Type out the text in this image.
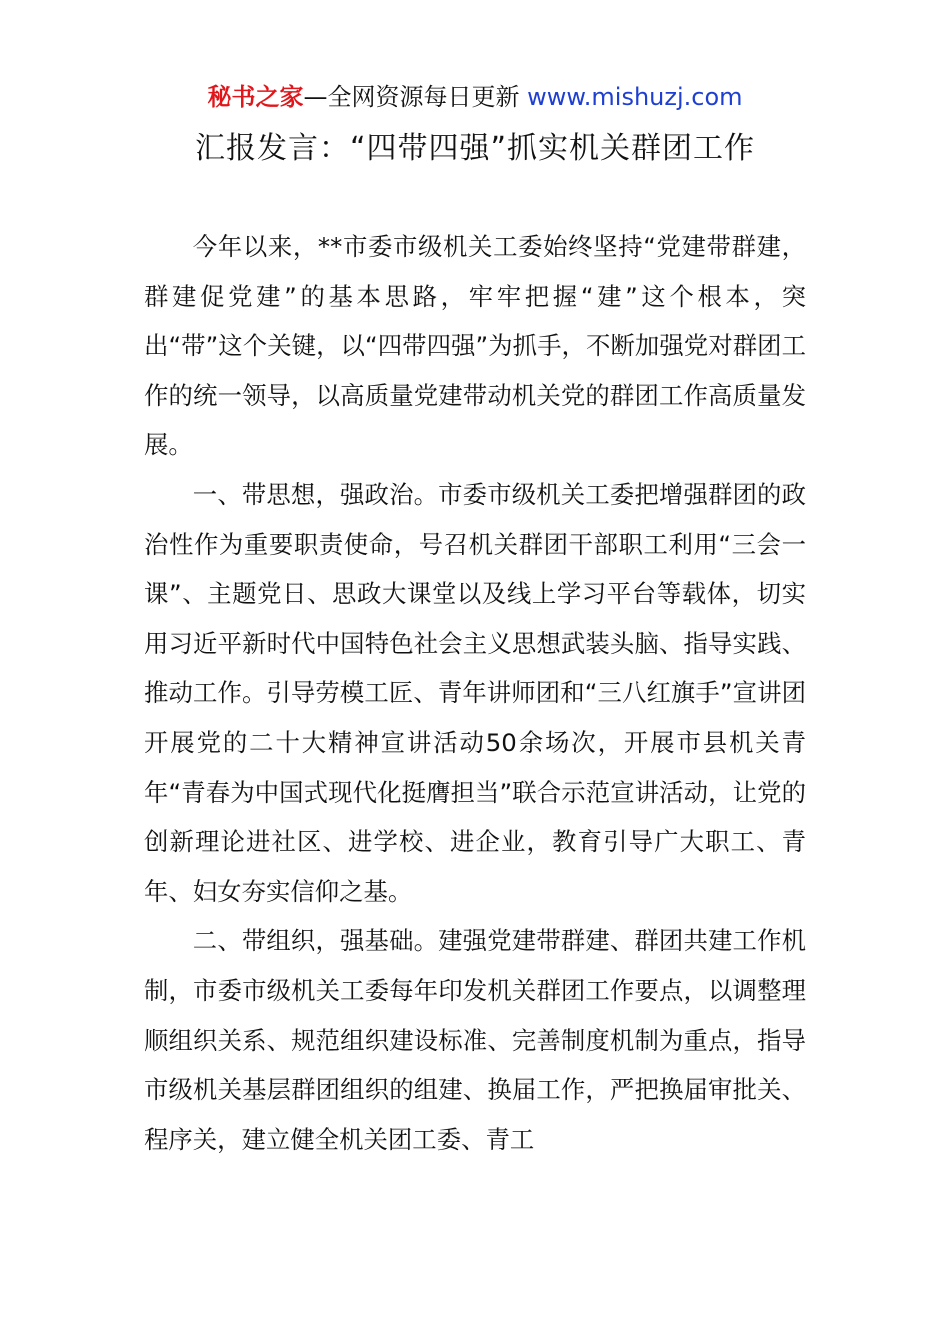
秘书之家—全网资源每日更新 www.mishuzj.com
汇报发言：“四带四强”抓实机关群团工作

今年以来，**市委市级机关工委始终坚持“党建带群建，群建促党建”的基本思路，牢牢把握“建”这个根本，突出“带”这个关键，以“四带四强”为抓手，不断加强党对群团工作的统一领导，以高质量党建带动机关党的群团工作高质量发展。

一、带思想，强政治。市委市级机关工委把增强群团的政治性作为重要职责使命，号召机关群团干部职工利用“三会一课”、主题党日、思政大课堂以及线上学习平台等载体，切实用习近平新时代中国特色社会主义思想武装头脑、指导实践、推动工作。引导劳模工匠、青年讲师团和“三八红旗手”宣讲团开展党的二十大精神宣讲活动50余场次，开展市县机关青年“青春为中国式现代化挺膺担当”联合示范宣讲活动，让党的创新理论进社区、进学校、进企业，教育引导广大职工、青年、妇女夯实信仰之基。

二、带组织，强基础。建强党建带群建、群团共建工作机制，市委市级机关工委每年印发机关群团工作要点，以调整理顺组织关系、规范组织建设标准、完善制度机制为重点，指导市级机关基层群团组织的组建、换届工作，严把换届审批关、程序关，建立健全机关团工委、青工
